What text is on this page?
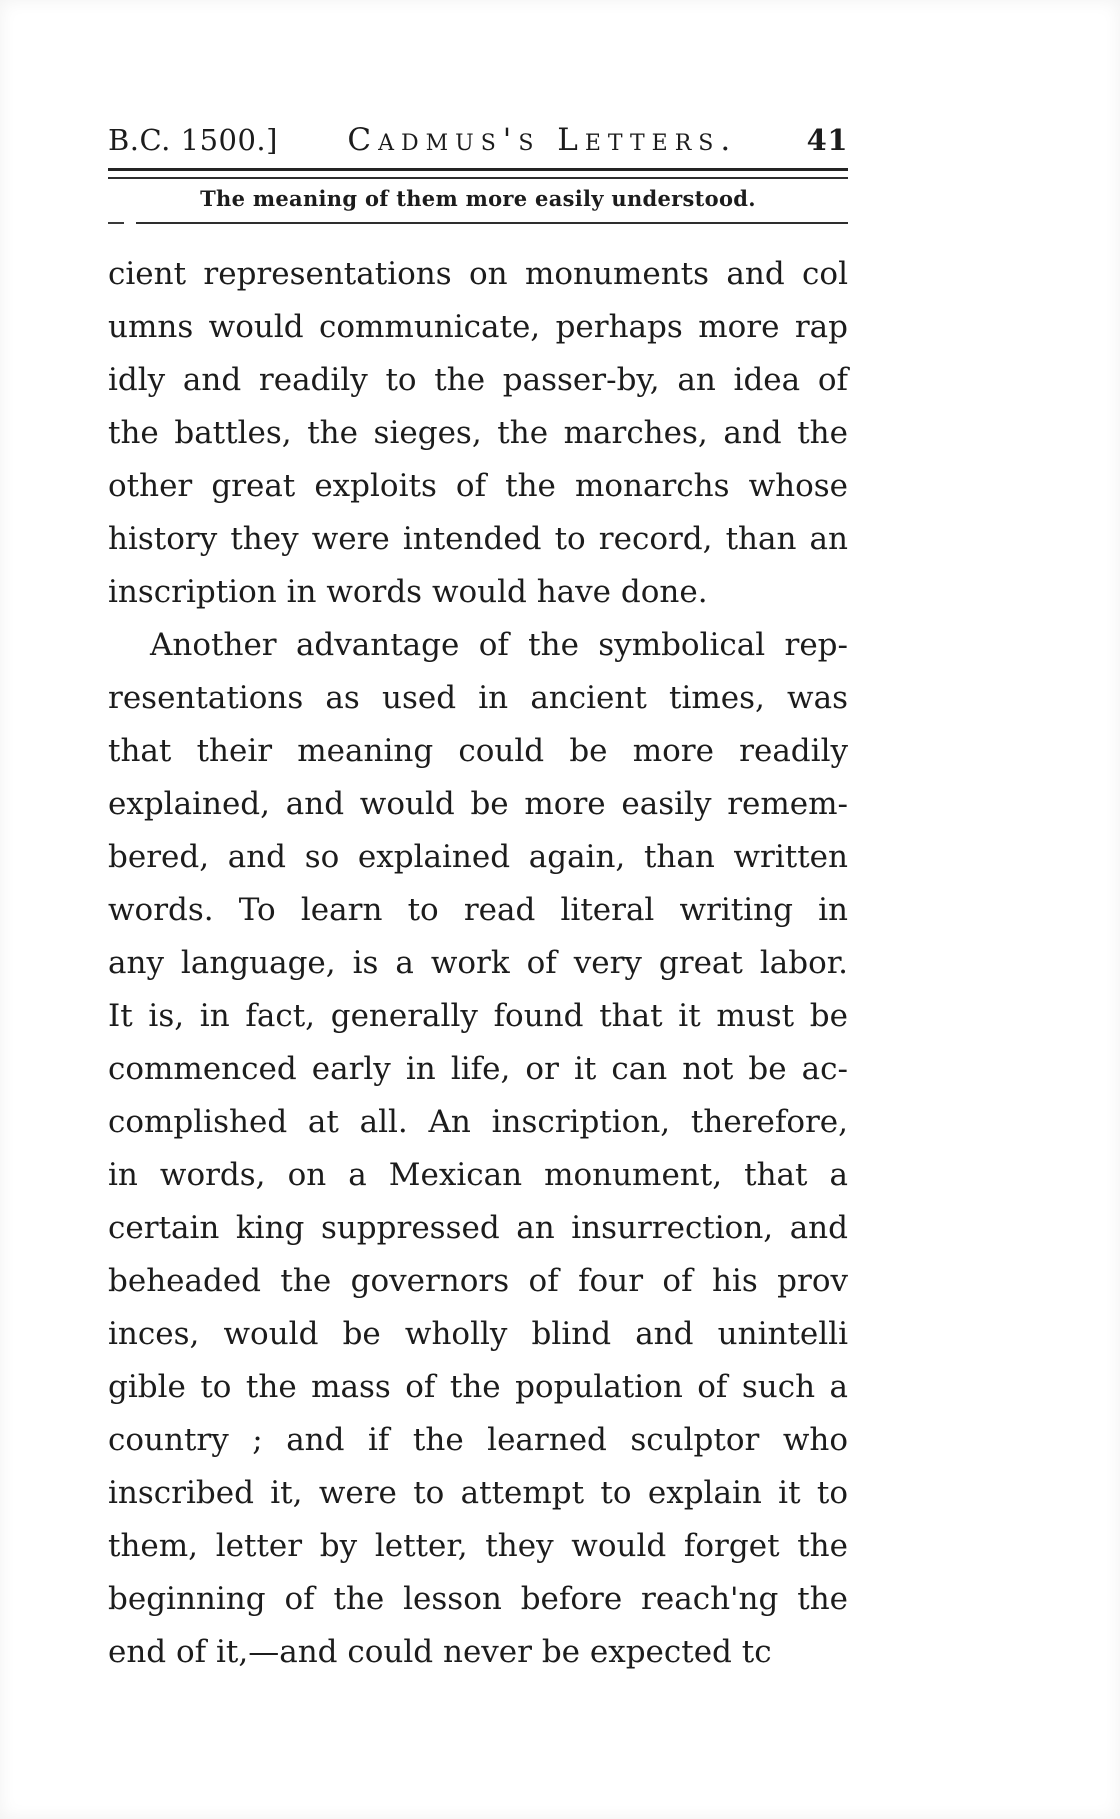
B.C. 1500.]	Cadmus's Letters.	41
The meaning of them more easily understood.
cient representations on monuments and col
umns would communicate, perhaps more rap
idly and readily to the passer-by, an idea of
the battles, the sieges, the marches, and the
other great exploits of the monarchs whose
history they were intended to record, than an
inscription in words would have done.
Another advantage of the symbolical rep-
resentations as used in ancient times, was
that their meaning could be more readily
explained, and would be more easily remem-
bered, and so explained again, than written
words. To learn to read literal writing in
any language, is a work of very great labor.
It is, in fact, generally found that it must be
commenced early in life, or it can not be ac-
complished at all. An inscription, therefore,
in words, on a Mexican monument, that a
certain king suppressed an insurrection, and
beheaded the governors of four of his prov
inces, would be wholly blind and unintelli
gible to the mass of the population of such a
country ; and if the learned sculptor who
inscribed it, were to attempt to explain it to
them, letter by letter, they would forget the
beginning of the lesson before reach'ng the
end of it,—and could never be expected tc
